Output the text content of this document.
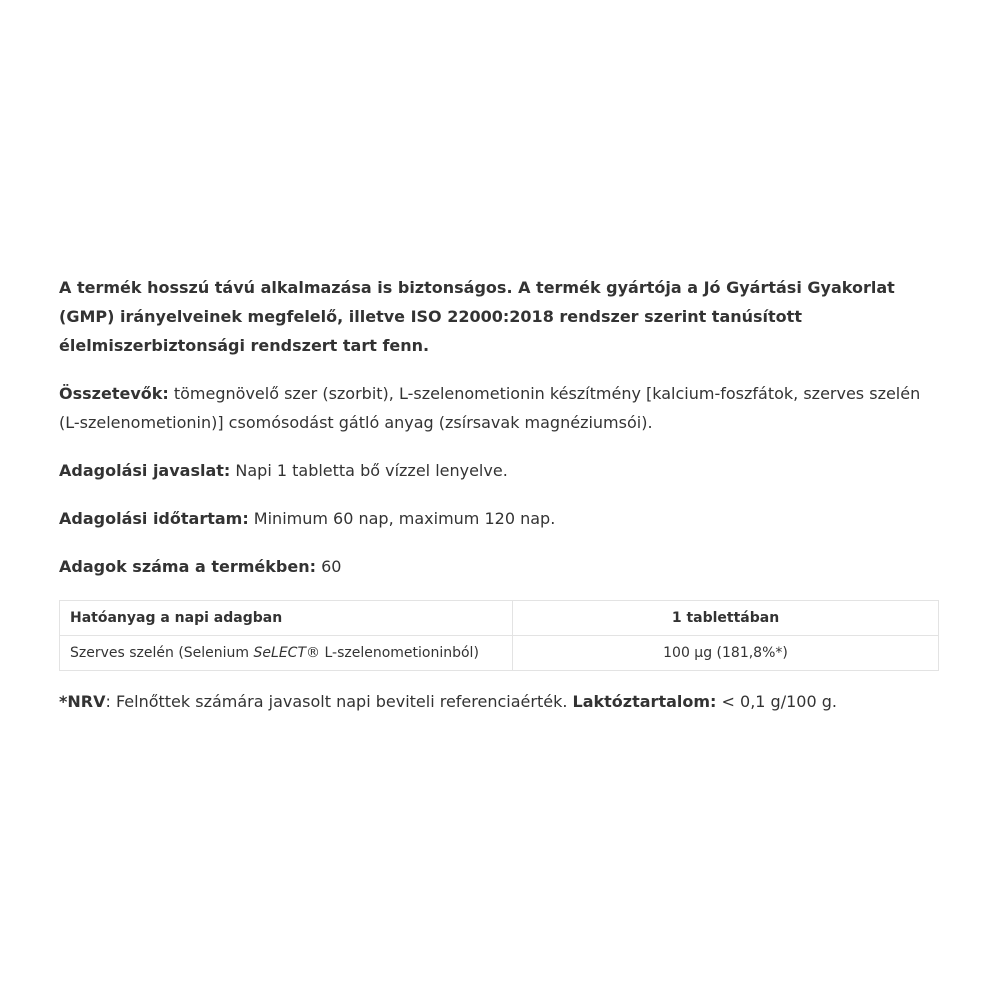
A termék hosszú távú alkalmazása is biztonságos. A termék gyártója a Jó Gyártási Gyakorlat (GMP) irányelveinek megfelelő, illetve ISO 22000:2018 rendszer szerint tanúsított élelmiszerbiztonsági rendszert tart fenn.

Összetevők: tömegnövelő szer (szorbit), L-szelenometionin készítmény [kalcium-foszfátok, szerves szelén (L-szelenometionin)] csomósodást gátló anyag (zsírsavak magnéziumsói).

Adagolási javaslat: Napi 1 tabletta bő vízzel lenyelve.

Adagolási időtartam: Minimum 60 nap, maximum 120 nap.

Adagok száma a termékben: 60

Hatóanyag a napi adagban	1 tablettában
Szerves szelén (Selenium SeLECT® L-szelenometioninból)	100 µg (181,8%*)

*NRV: Felnőttek számára javasolt napi beviteli referenciaérték. Laktóztartalom: < 0,1 g/100 g.
